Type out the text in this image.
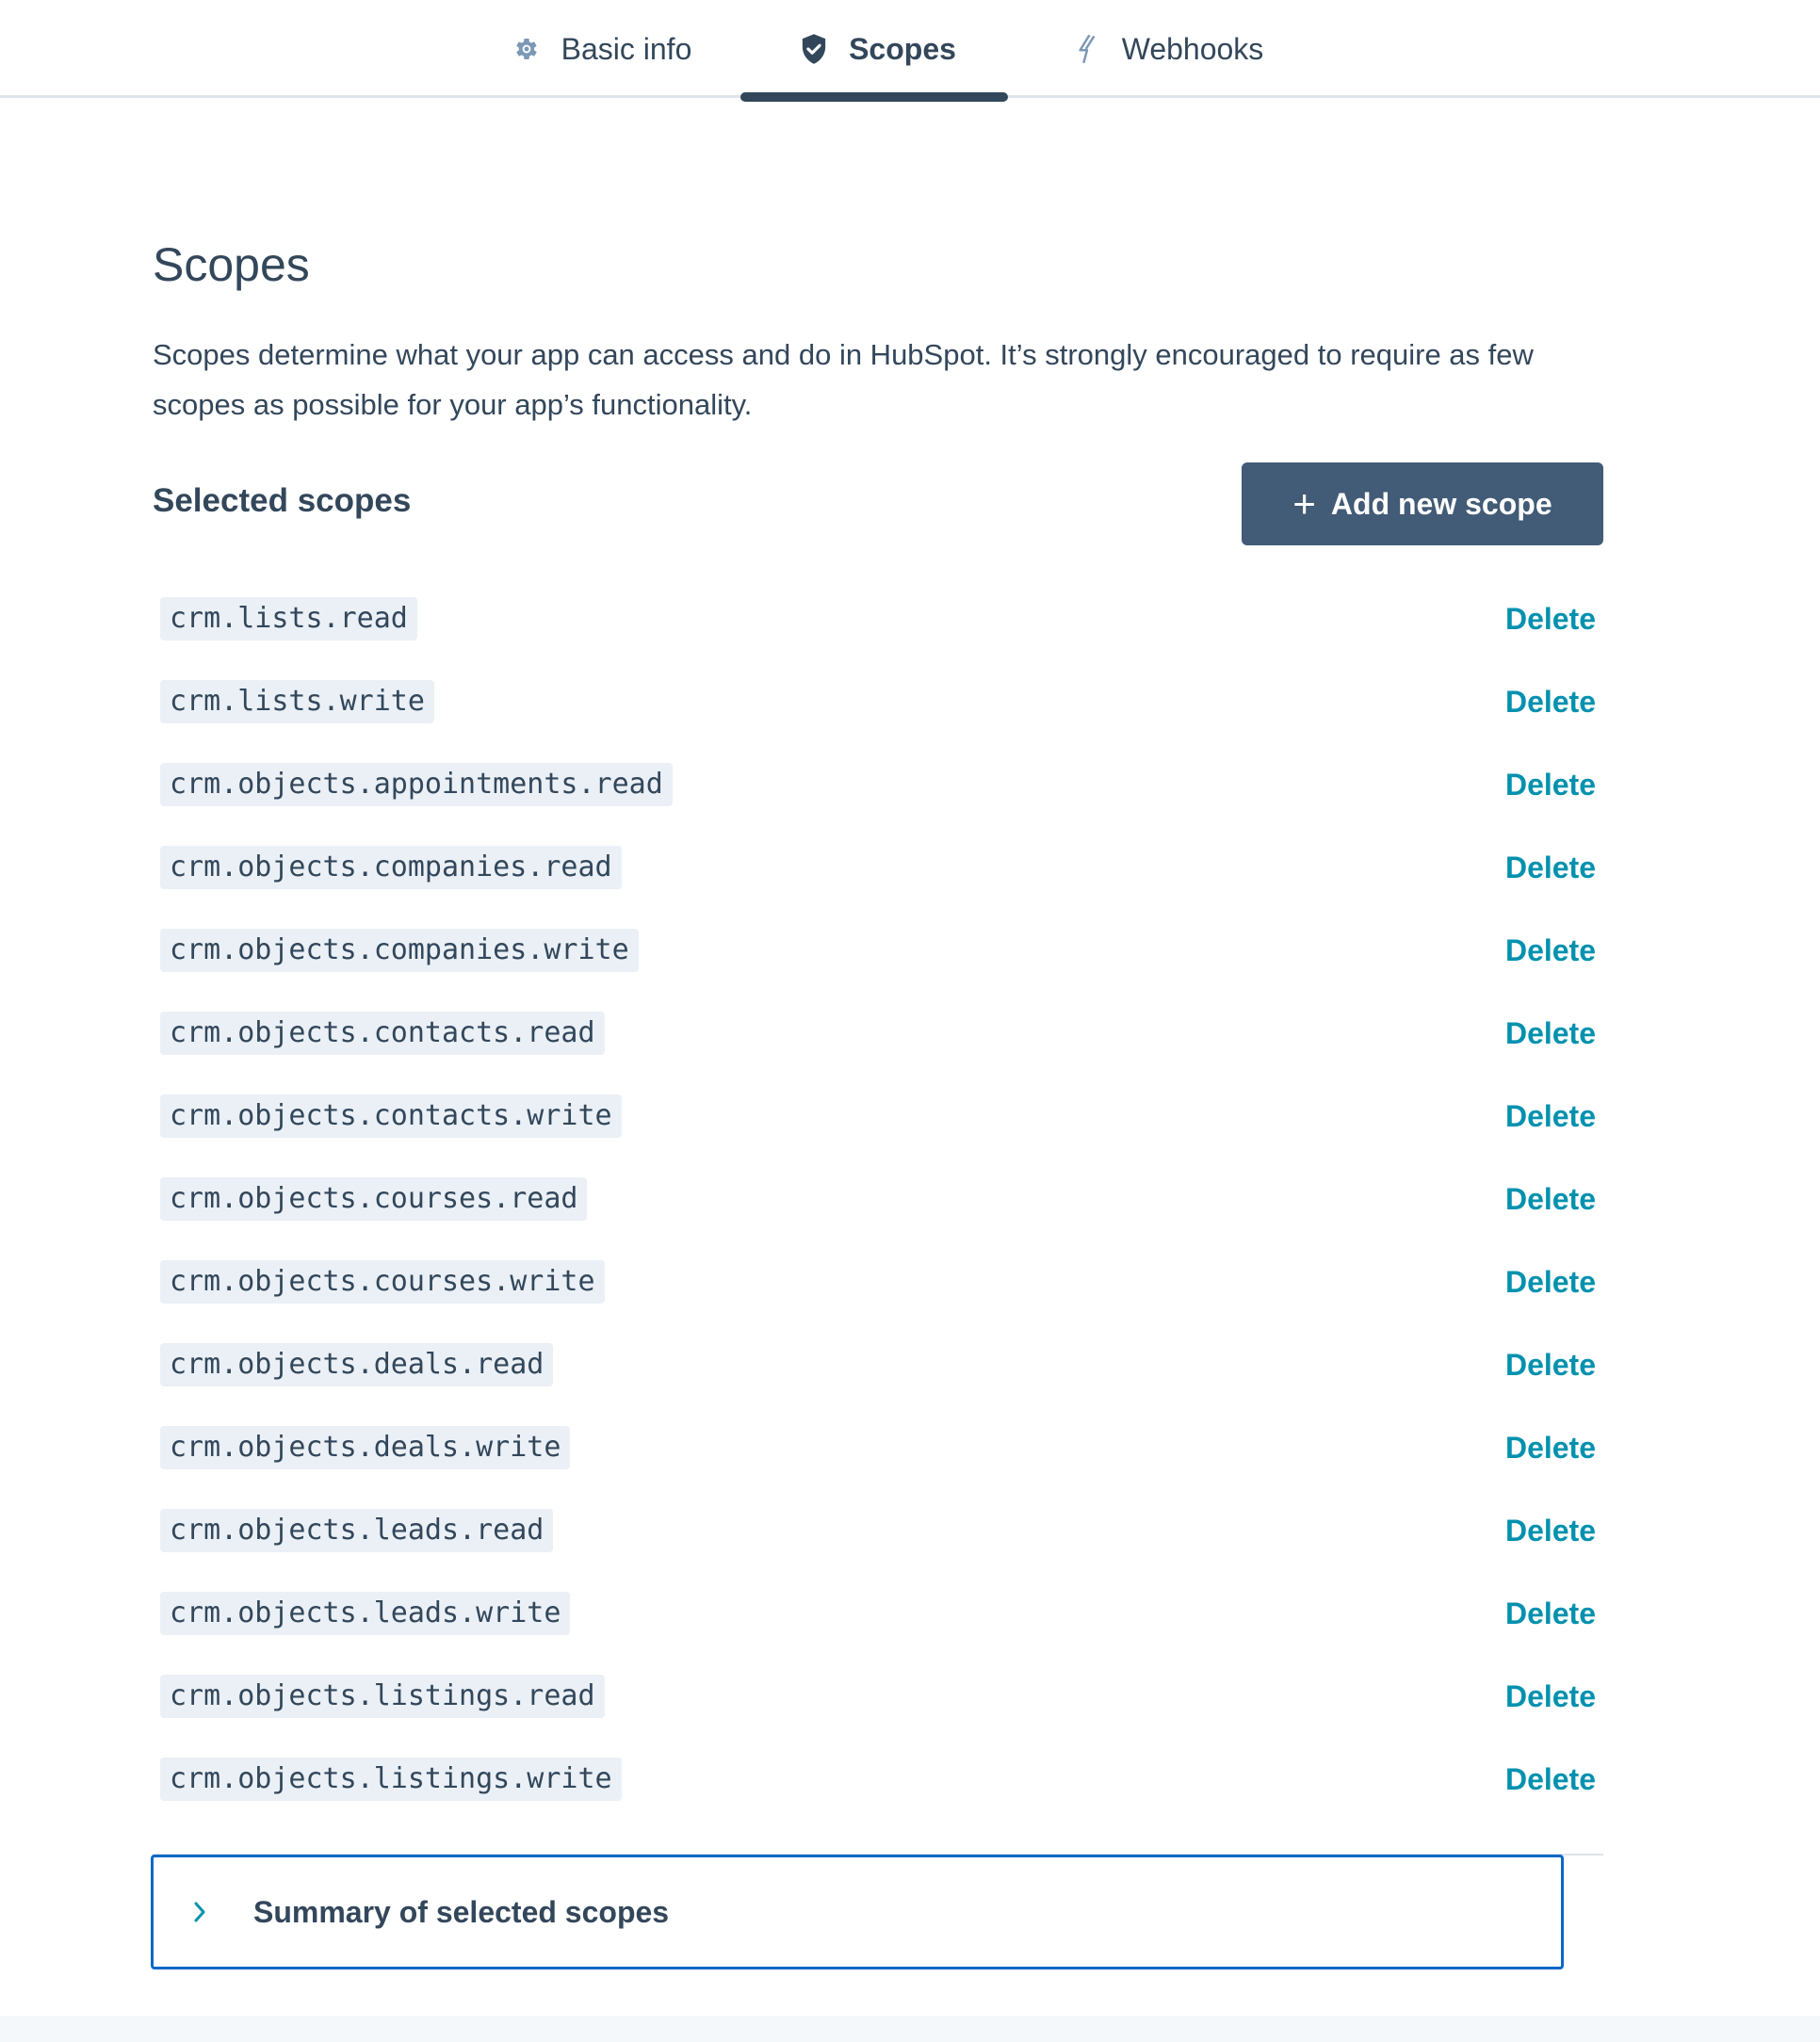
Basic info	Scopes	Webhooks
Scopes

Scopes determine what your app can access and do in HubSpot. It’s strongly encouraged to require as few scopes as possible for your app’s functionality.

Selected scopes	+ Add new scope
crm.lists.read	Delete
crm.lists.write	Delete
crm.objects.appointments.read	Delete
crm.objects.companies.read	Delete
crm.objects.companies.write	Delete
crm.objects.contacts.read	Delete
crm.objects.contacts.write	Delete
crm.objects.courses.read	Delete
crm.objects.courses.write	Delete
crm.objects.deals.read	Delete
crm.objects.deals.write	Delete
crm.objects.leads.read	Delete
crm.objects.leads.write	Delete
crm.objects.listings.read	Delete
crm.objects.listings.write	Delete
Summary of selected scopes
